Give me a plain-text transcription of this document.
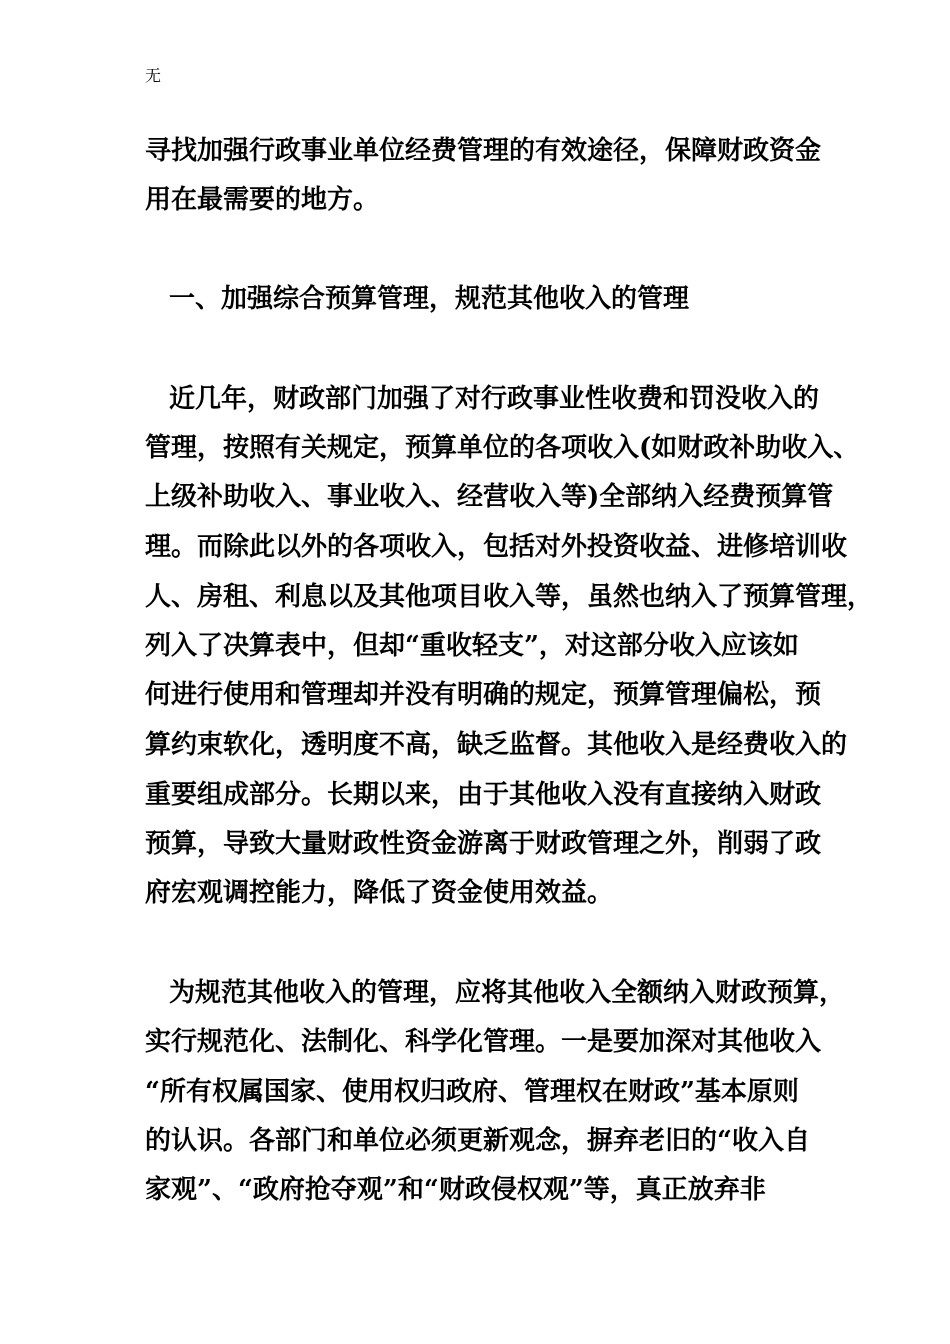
无
寻找加强行政事业单位经费管理的有效途径，保障财政资金
用在最需要的地方。
一、加强综合预算管理，规范其他收入的管理
近几年，财政部门加强了对行政事业性收费和罚没收入的
管理，按照有关规定，预算单位的各项收入(如财政补助收入、
上级补助收入、事业收入、经营收入等)全部纳入经费预算管
理。而除此以外的各项收入，包括对外投资收益、进修培训收
人、房租、利息以及其他项目收入等，虽然也纳入了预算管理，
列入了决算表中，但却“重收轻支”，对这部分收入应该如
何进行使用和管理却并没有明确的规定，预算管理偏松，预
算约束软化，透明度不高，缺乏监督。其他收入是经费收入的
重要组成部分。长期以来，由于其他收入没有直接纳入财政
预算，导致大量财政性资金游离于财政管理之外，削弱了政
府宏观调控能力，降低了资金使用效益。
为规范其他收入的管理，应将其他收入全额纳入财政预算，
实行规范化、法制化、科学化管理。一是要加深对其他收入
“所有权属国家、使用权归政府、管理权在财政”基本原则
的认识。各部门和单位必须更新观念，摒弃老旧的“收入自
家观”、“政府抢夺观”和“财政侵权观”等，真正放弃非
